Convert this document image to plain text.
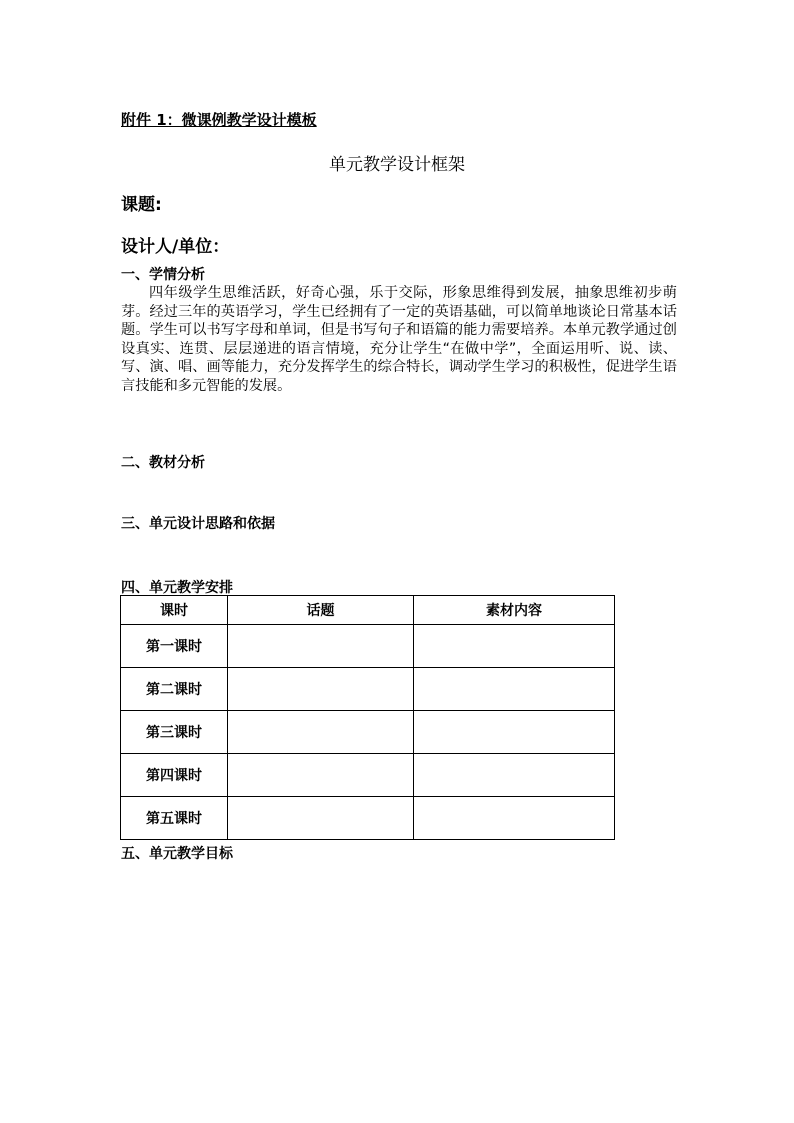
附件 1：微课例教学设计模板
单元教学设计框架
课题:
设计人/单位：
一、学情分析

四年级学生思维活跃，好奇心强，乐于交际，形象思维得到发展，抽象思维初步萌芽。经过三年的英语学习，学生已经拥有了一定的英语基础，可以简单地谈论日常基本话题。学生可以书写字母和单词，但是书写句子和语篇的能力需要培养。本单元教学通过创设真实、连贯、层层递进的语言情境，充分让学生“在做中学”，全面运用听、说、读、写、演、唱、画等能力，充分发挥学生的综合特长，调动学生学习的积极性，促进学生语言技能和多元智能的发展。

二、教材分析
三、单元设计思路和依据
四、单元教学安排
课时	话题	素材内容
第一课时		
第二课时		
第三课时		
第四课时		
第五课时		
五、单元教学目标
